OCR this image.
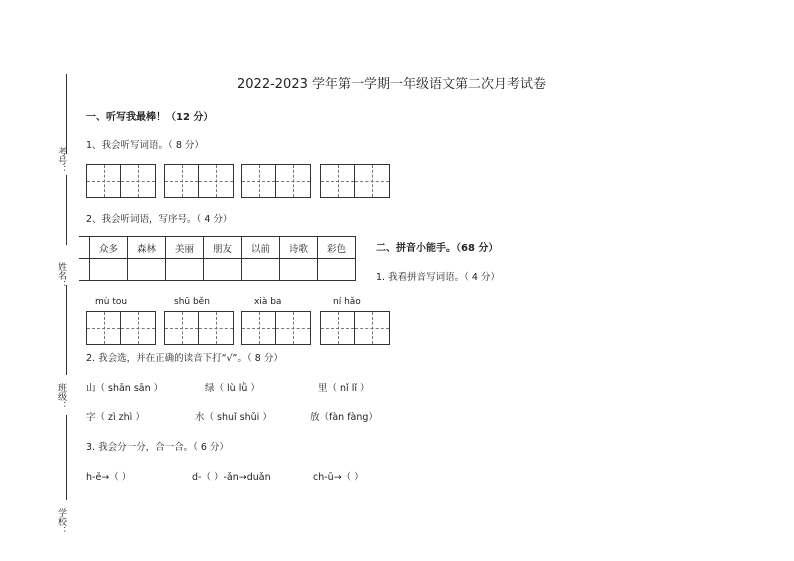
考号：
姓名：
班级：
学校：
2022-2023 学年第一学期一年级语文第二次月考试卷
一、听写我最棒！（12 分）
1、我会听写词语。（ 8 分）
2、我会听词语，写序号。（ 4 分）
	众多	森林	美丽	朋友	以前	诗歌	彩色
								二、拼音小能手。（68 分）
1. 我看拼音写词语。（ 4 分）
mù tou	shū běn	xià ba	ní hǎo
2. 我会选，并在正确的读音下打“√”。（ 8 分）
山（ shān sān ）	绿（ lù lǜ ）	里（ nǐ lǐ ）
字（ zì zhì ）	水（ shuǐ shǔi ）	放（fàn fàng）
3. 我会分一分，合一合。（ 6 分）
h-ē→（ ）	d-（ ）-ǎn→duǎn	ch-ū→（ ）
